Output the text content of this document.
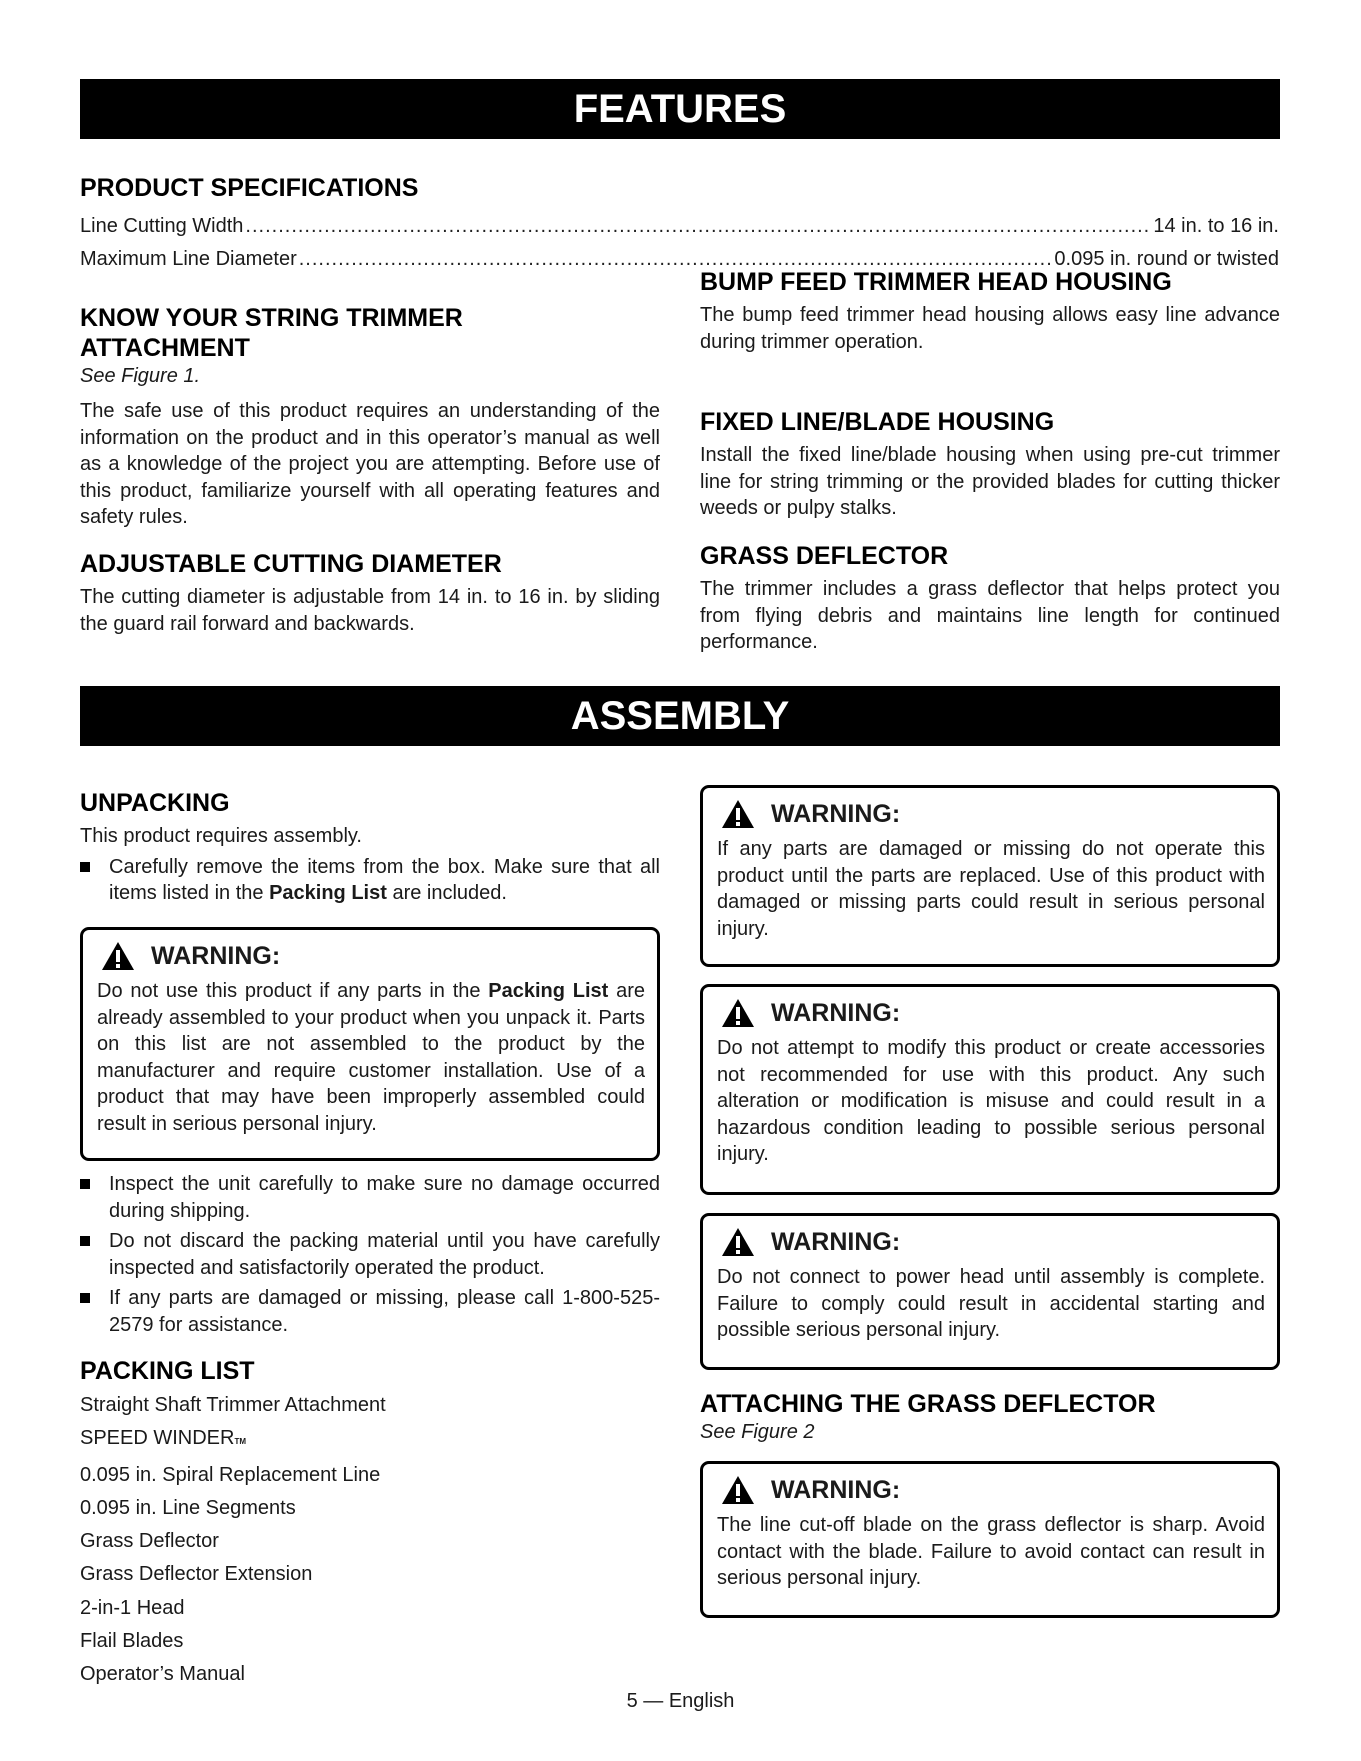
FEATURES
PRODUCT SPECIFICATIONS
Line Cutting Width .....	14 in. to 16 in.
Maximum Line Diameter .....	0.095 in. round or twisted
KNOW YOUR STRING TRIMMER
ATTACHMENT
See Figure 1.

The safe use of this product requires an understanding of the information on the product and in this operator’s manual as well as a knowledge of the project you are attempting. Before use of this product, familiarize yourself with all operating features and safety rules.

ADJUSTABLE CUTTING DIAMETER

The cutting diameter is adjustable from 14 in. to 16 in. by sliding the guard rail forward and backwards.

BUMP FEED TRIMMER HEAD HOUSING

The bump feed trimmer head housing allows easy line advance during trimmer operation.

FIXED LINE/BLADE HOUSING

Install the fixed line/blade housing when using pre-cut trimmer line for string trimming or the provided blades for cutting thicker weeds or pulpy stalks.

GRASS DEFLECTOR

The trimmer includes a grass deflector that helps protect you from flying debris and maintains line length for continued performance.

ASSEMBLY
UNPACKING

This product requires assembly.

Carefully remove the items from the box. Make sure that all items listed in the Packing List are included.
WARNING:

Do not use this product if any parts in the Packing List are already assembled to your product when you unpack it. Parts on this list are not assembled to the product by the manufacturer and require customer installation. Use of a product that may have been improperly assembled could result in serious personal injury.

Inspect the unit carefully to make sure no damage occurred during shipping.
Do not discard the packing material until you have carefully inspected and satisfactorily operated the product.
If any parts are damaged or missing, please call 1-800-525-2579 for assistance.
PACKING LIST
Straight Shaft Trimmer Attachment
SPEED WINDERTM
0.095 in. Spiral Replacement Line
0.095 in. Line Segments
Grass Deflector
Grass Deflector Extension
2-in-1 Head
Flail Blades
Operator’s Manual
WARNING:

If any parts are damaged or missing do not operate this product until the parts are replaced. Use of this product with damaged or missing parts could result in serious personal injury.

WARNING:

Do not attempt to modify this product or create accessories not recommended for use with this product. Any such alteration or modification is misuse and could result in a hazardous condition leading to possible serious personal injury.

WARNING:

Do not connect to power head until assembly is complete. Failure to comply could result in accidental starting and possible serious personal injury.

ATTACHING THE GRASS DEFLECTOR
See Figure 2
WARNING:

The line cut-off blade on the grass deflector is sharp. Avoid contact with the blade. Failure to avoid contact can result in serious personal injury.

5 — English
